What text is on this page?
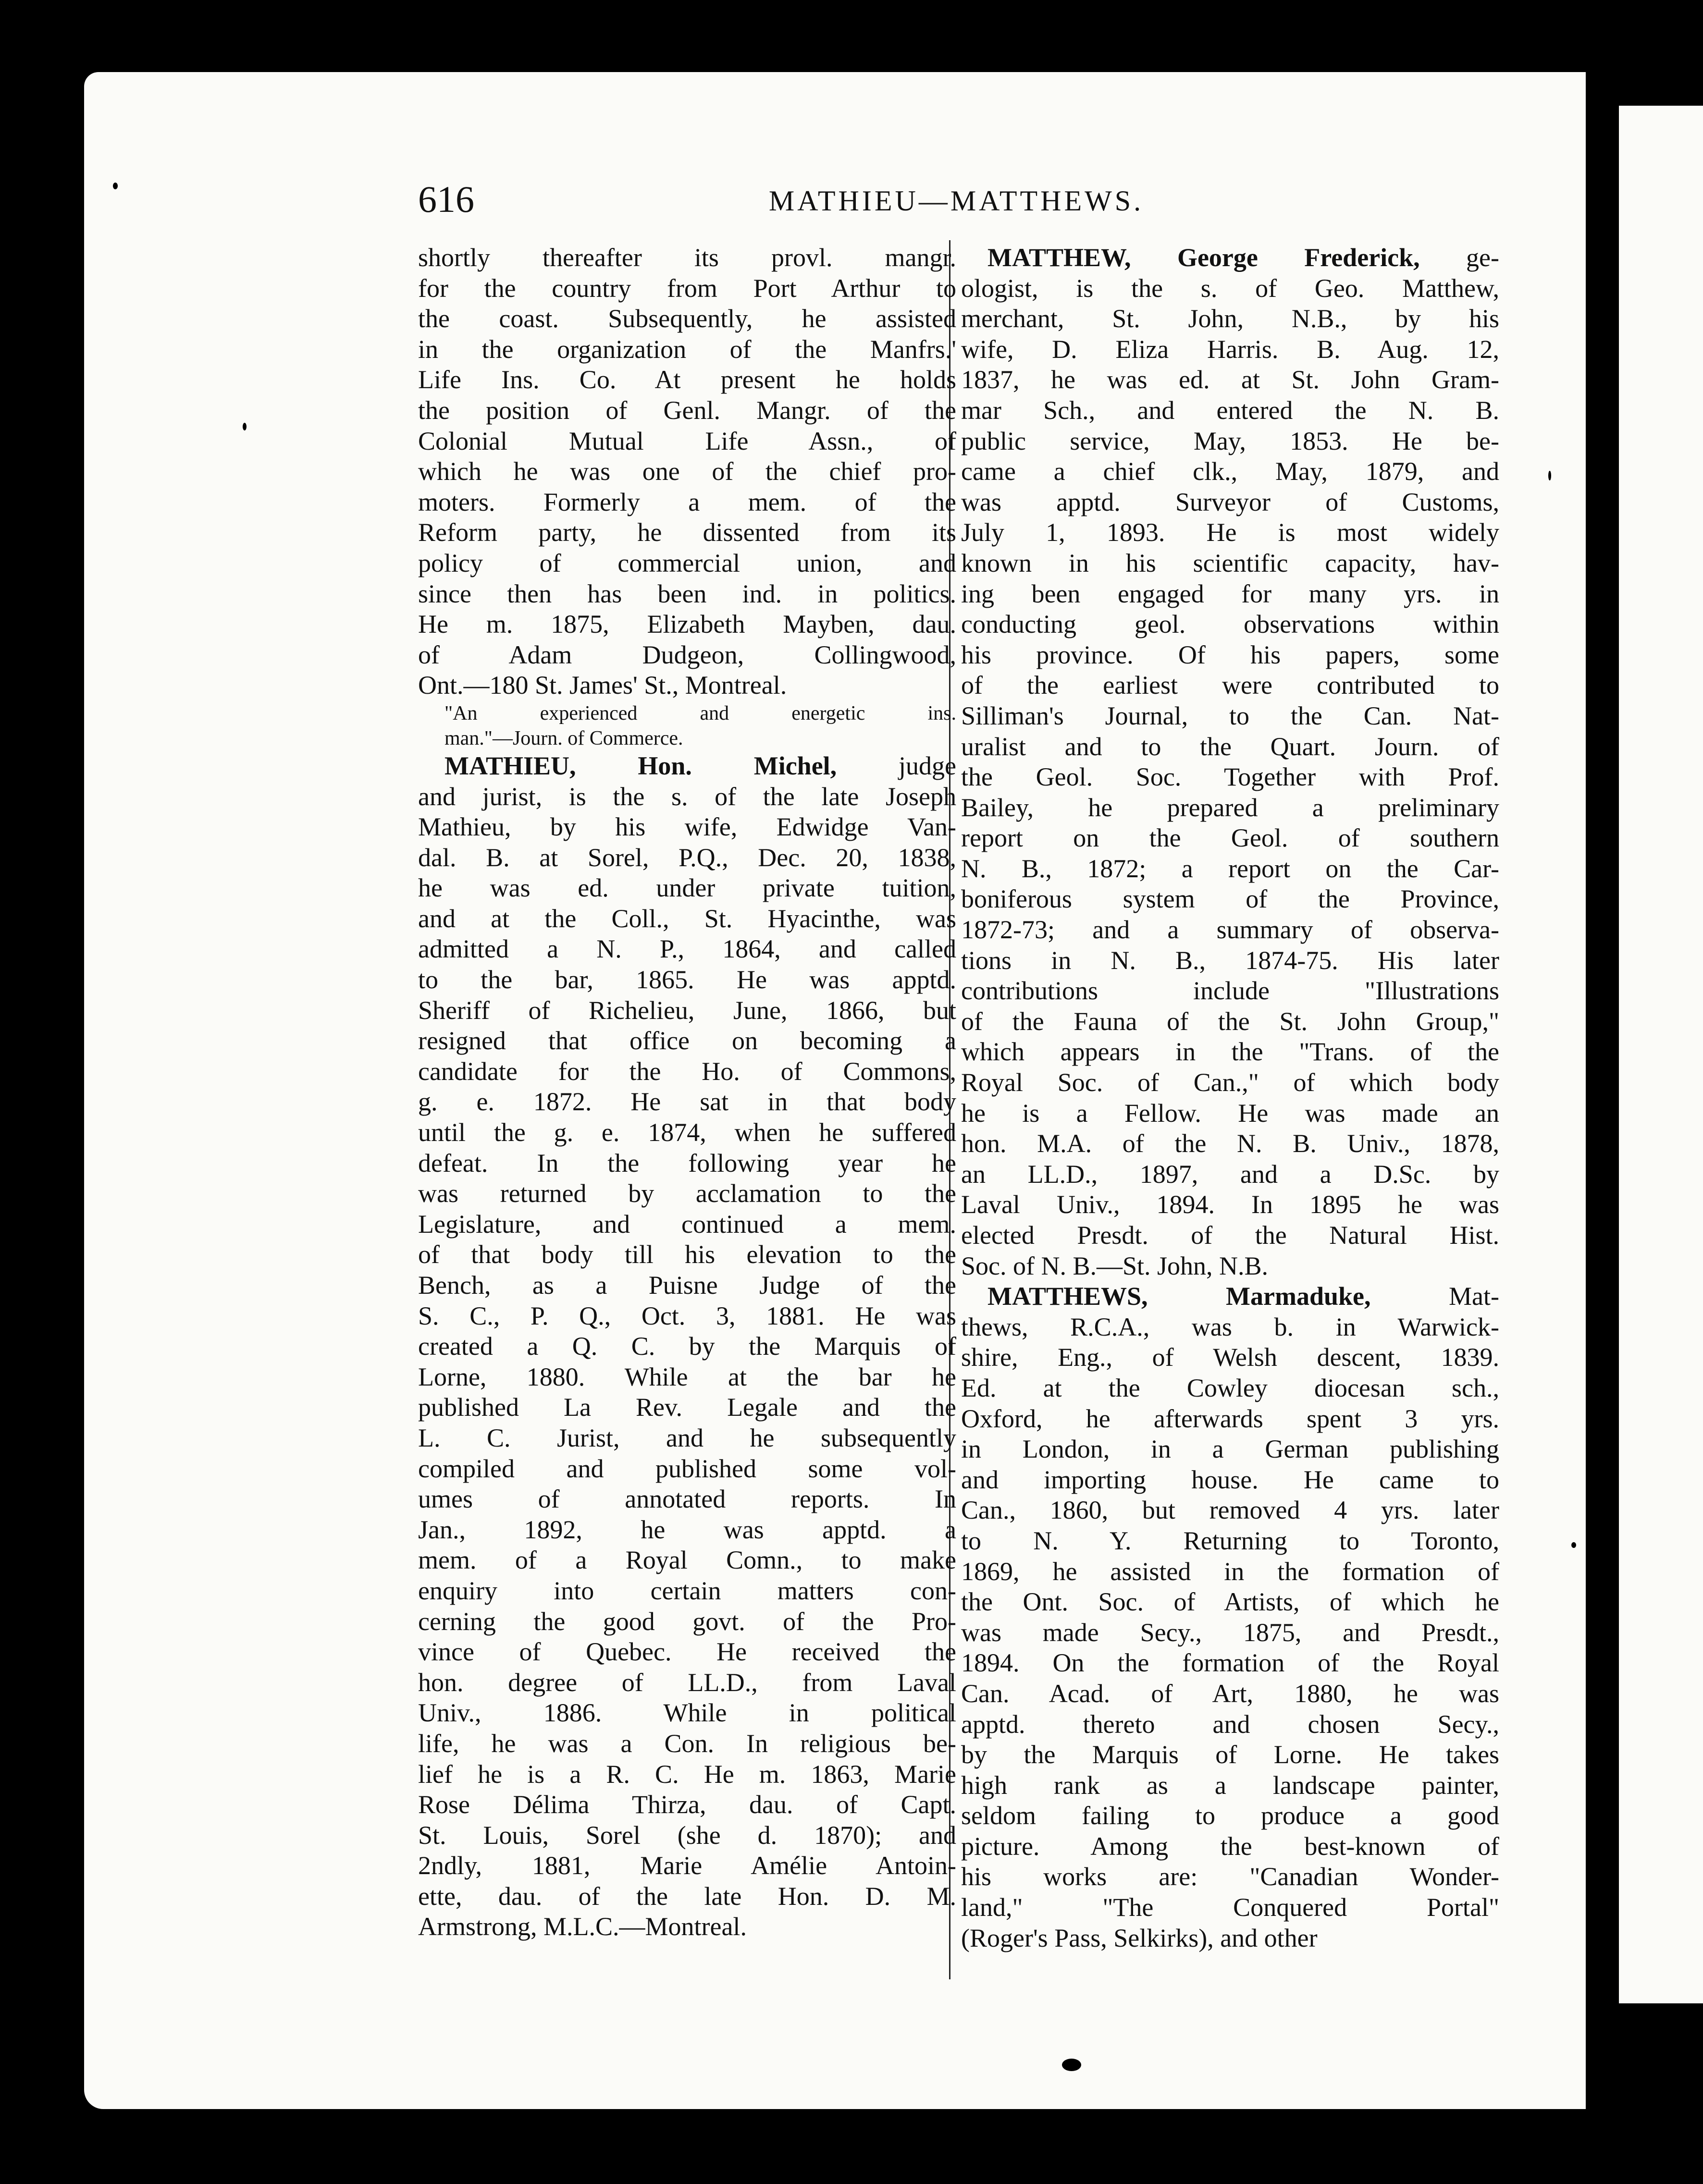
616	MATHIEU—MATTHEWS.
shortly thereafter its provl. mangr.
for the country from Port Arthur to
the coast. Subsequently, he assisted
in the organization of the Manfrs.'
Life Ins. Co. At present he holds
the position of Genl. Mangr. of the
Colonial Mutual Life Assn., of
which he was one of the chief pro-
moters. Formerly a mem. of the
Reform party, he dissented from its
policy of commercial union, and
since then has been ind. in politics.
He m. 1875, Elizabeth Mayben, dau.
of Adam Dudgeon, Collingwood,
Ont.—180 St. James' St., Montreal.
"An experienced and energetic ins.
man."—Journ. of Commerce.
MATHIEU, Hon. Michel, judge
and jurist, is the s. of the late Joseph
Mathieu, by his wife, Edwidge Van-
dal. B. at Sorel, P.Q., Dec. 20, 1838,
he was ed. under private tuition,
and at the Coll., St. Hyacinthe, was
admitted a N. P., 1864, and called
to the bar, 1865. He was apptd.
Sheriff of Richelieu, June, 1866, but
resigned that office on becoming a
candidate for the Ho. of Commons,
g. e. 1872. He sat in that body
until the g. e. 1874, when he suffered
defeat. In the following year he
was returned by acclamation to the
Legislature, and continued a mem.
of that body till his elevation to the
Bench, as a Puisne Judge of the
S. C., P. Q., Oct. 3, 1881. He was
created a Q. C. by the Marquis of
Lorne, 1880. While at the bar he
published La Rev. Legale and the
L. C. Jurist, and he subsequently
compiled and published some vol-
umes of annotated reports. In
Jan., 1892, he was apptd. a
mem. of a Royal Comn., to make
enquiry into certain matters con-
cerning the good govt. of the Pro-
vince of Quebec. He received the
hon. degree of LL.D., from Laval
Univ., 1886. While in political
life, he was a Con. In religious be-
lief he is a R. C. He m. 1863, Marie
Rose Délima Thirza, dau. of Capt.
St. Louis, Sorel (she d. 1870); and
2ndly, 1881, Marie Amélie Antoin-
ette, dau. of the late Hon. D. M.
Armstrong, M.L.C.—Montreal.
MATTHEW, George Frederick, ge-
ologist, is the s. of Geo. Matthew,
merchant, St. John, N.B., by his
wife, D. Eliza Harris. B. Aug. 12,
1837, he was ed. at St. John Gram-
mar Sch., and entered the N. B.
public service, May, 1853. He be-
came a chief clk., May, 1879, and
was apptd. Surveyor of Customs,
July 1, 1893. He is most widely
known in his scientific capacity, hav-
ing been engaged for many yrs. in
conducting geol. observations within
his province. Of his papers, some
of the earliest were contributed to
Silliman's Journal, to the Can. Nat-
uralist and to the Quart. Journ. of
the Geol. Soc. Together with Prof.
Bailey, he prepared a preliminary
report on the Geol. of southern
N. B., 1872; a report on the Car-
boniferous system of the Province,
1872-73; and a summary of observa-
tions in N. B., 1874-75. His later
contributions include "Illustrations
of the Fauna of the St. John Group,"
which appears in the "Trans. of the
Royal Soc. of Can.," of which body
he is a Fellow. He was made an
hon. M.A. of the N. B. Univ., 1878,
an LL.D., 1897, and a D.Sc. by
Laval Univ., 1894. In 1895 he was
elected Presdt. of the Natural Hist.
Soc. of N. B.—St. John, N.B.
MATTHEWS, Marmaduke, Mat-
thews, R.C.A., was b. in Warwick-
shire, Eng., of Welsh descent, 1839.
Ed. at the Cowley diocesan sch.,
Oxford, he afterwards spent 3 yrs.
in London, in a German publishing
and importing house. He came to
Can., 1860, but removed 4 yrs. later
to N. Y. Returning to Toronto,
1869, he assisted in the formation of
the Ont. Soc. of Artists, of which he
was made Secy., 1875, and Presdt.,
1894. On the formation of the Royal
Can. Acad. of Art, 1880, he was
apptd. thereto and chosen Secy.,
by the Marquis of Lorne. He takes
high rank as a landscape painter,
seldom failing to produce a good
picture. Among the best-known of
his works are: "Canadian Wonder-
land," "The Conquered Portal"
(Roger's Pass, Selkirks), and other
